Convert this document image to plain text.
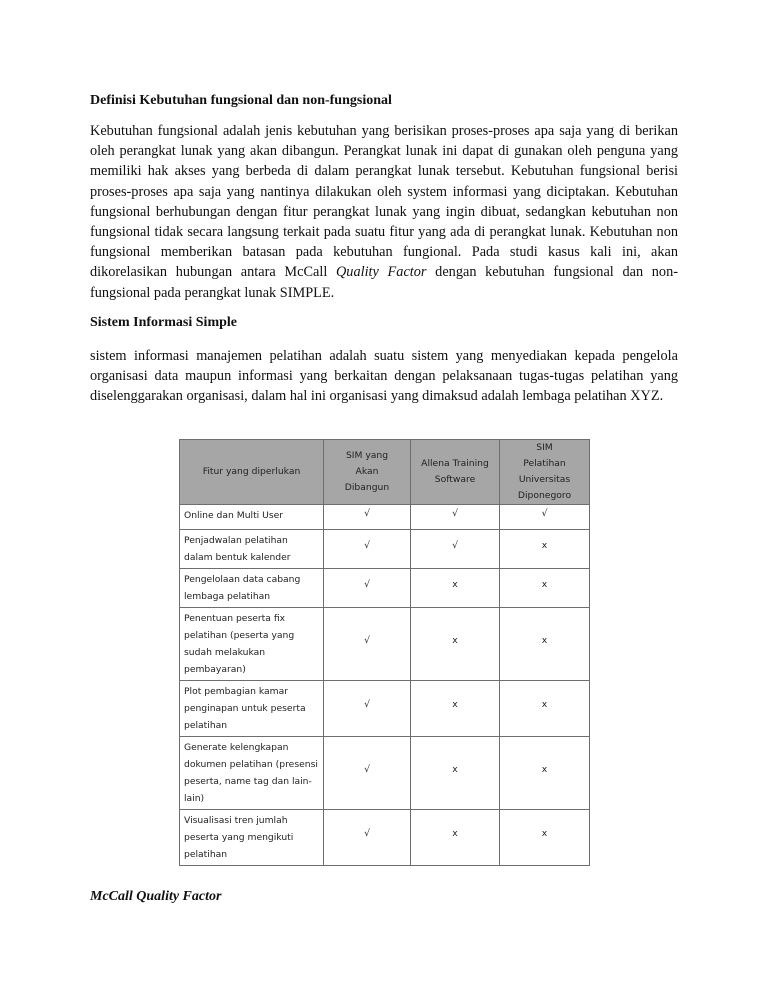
Definisi Kebutuhan fungsional dan non-fungsional

Kebutuhan fungsional adalah jenis kebutuhan yang berisikan proses-proses apa saja yang di berikan oleh perangkat lunak yang akan dibangun. Perangkat lunak ini dapat di gunakan oleh penguna yang memiliki hak akses yang berbeda di dalam perangkat lunak tersebut. Kebutuhan fungsional berisi proses-proses apa saja yang nantinya dilakukan oleh system informasi yang diciptakan. Kebutuhan fungsional berhubungan dengan fitur perangkat lunak yang ingin dibuat, sedangkan kebutuhan non fungsional tidak secara langsung terkait pada suatu fitur yang ada di perangkat lunak. Kebutuhan non fungsional memberikan batasan pada kebutuhan fungional. Pada studi kasus kali ini, akan dikorelasikan hubungan antara McCall Quality Factor dengan kebutuhan fungsional dan non-fungsional pada perangkat lunak SIMPLE.

Sistem Informasi Simple

sistem informasi manajemen pelatihan adalah suatu sistem yang menyediakan kepada pengelola organisasi data maupun informasi yang berkaitan dengan pelaksanaan tugas-tugas pelatihan yang diselenggarakan organisasi, dalam hal ini organisasi yang dimaksud adalah lembaga pelatihan XYZ.

Fitur yang diperlukan	SIM yang Akan Dibangun	Allena Training Software	SIM Pelatihan Universitas Diponegoro
Online dan Multi User	√	√	√
Penjadwalan pelatihan dalam bentuk kalender	√	√	x
Pengelolaan data cabang lembaga pelatihan	√	x	x
Penentuan peserta fix pelatihan (peserta yang sudah melakukan pembayaran)	√	x	x
Plot pembagian kamar penginapan untuk peserta pelatihan	√	x	x
Generate kelengkapan dokumen pelatihan (presensi peserta, name tag dan lain-lain)	√	x	x
Visualisasi tren jumlah peserta yang mengikuti pelatihan	√	x	x
McCall Quality Factor
